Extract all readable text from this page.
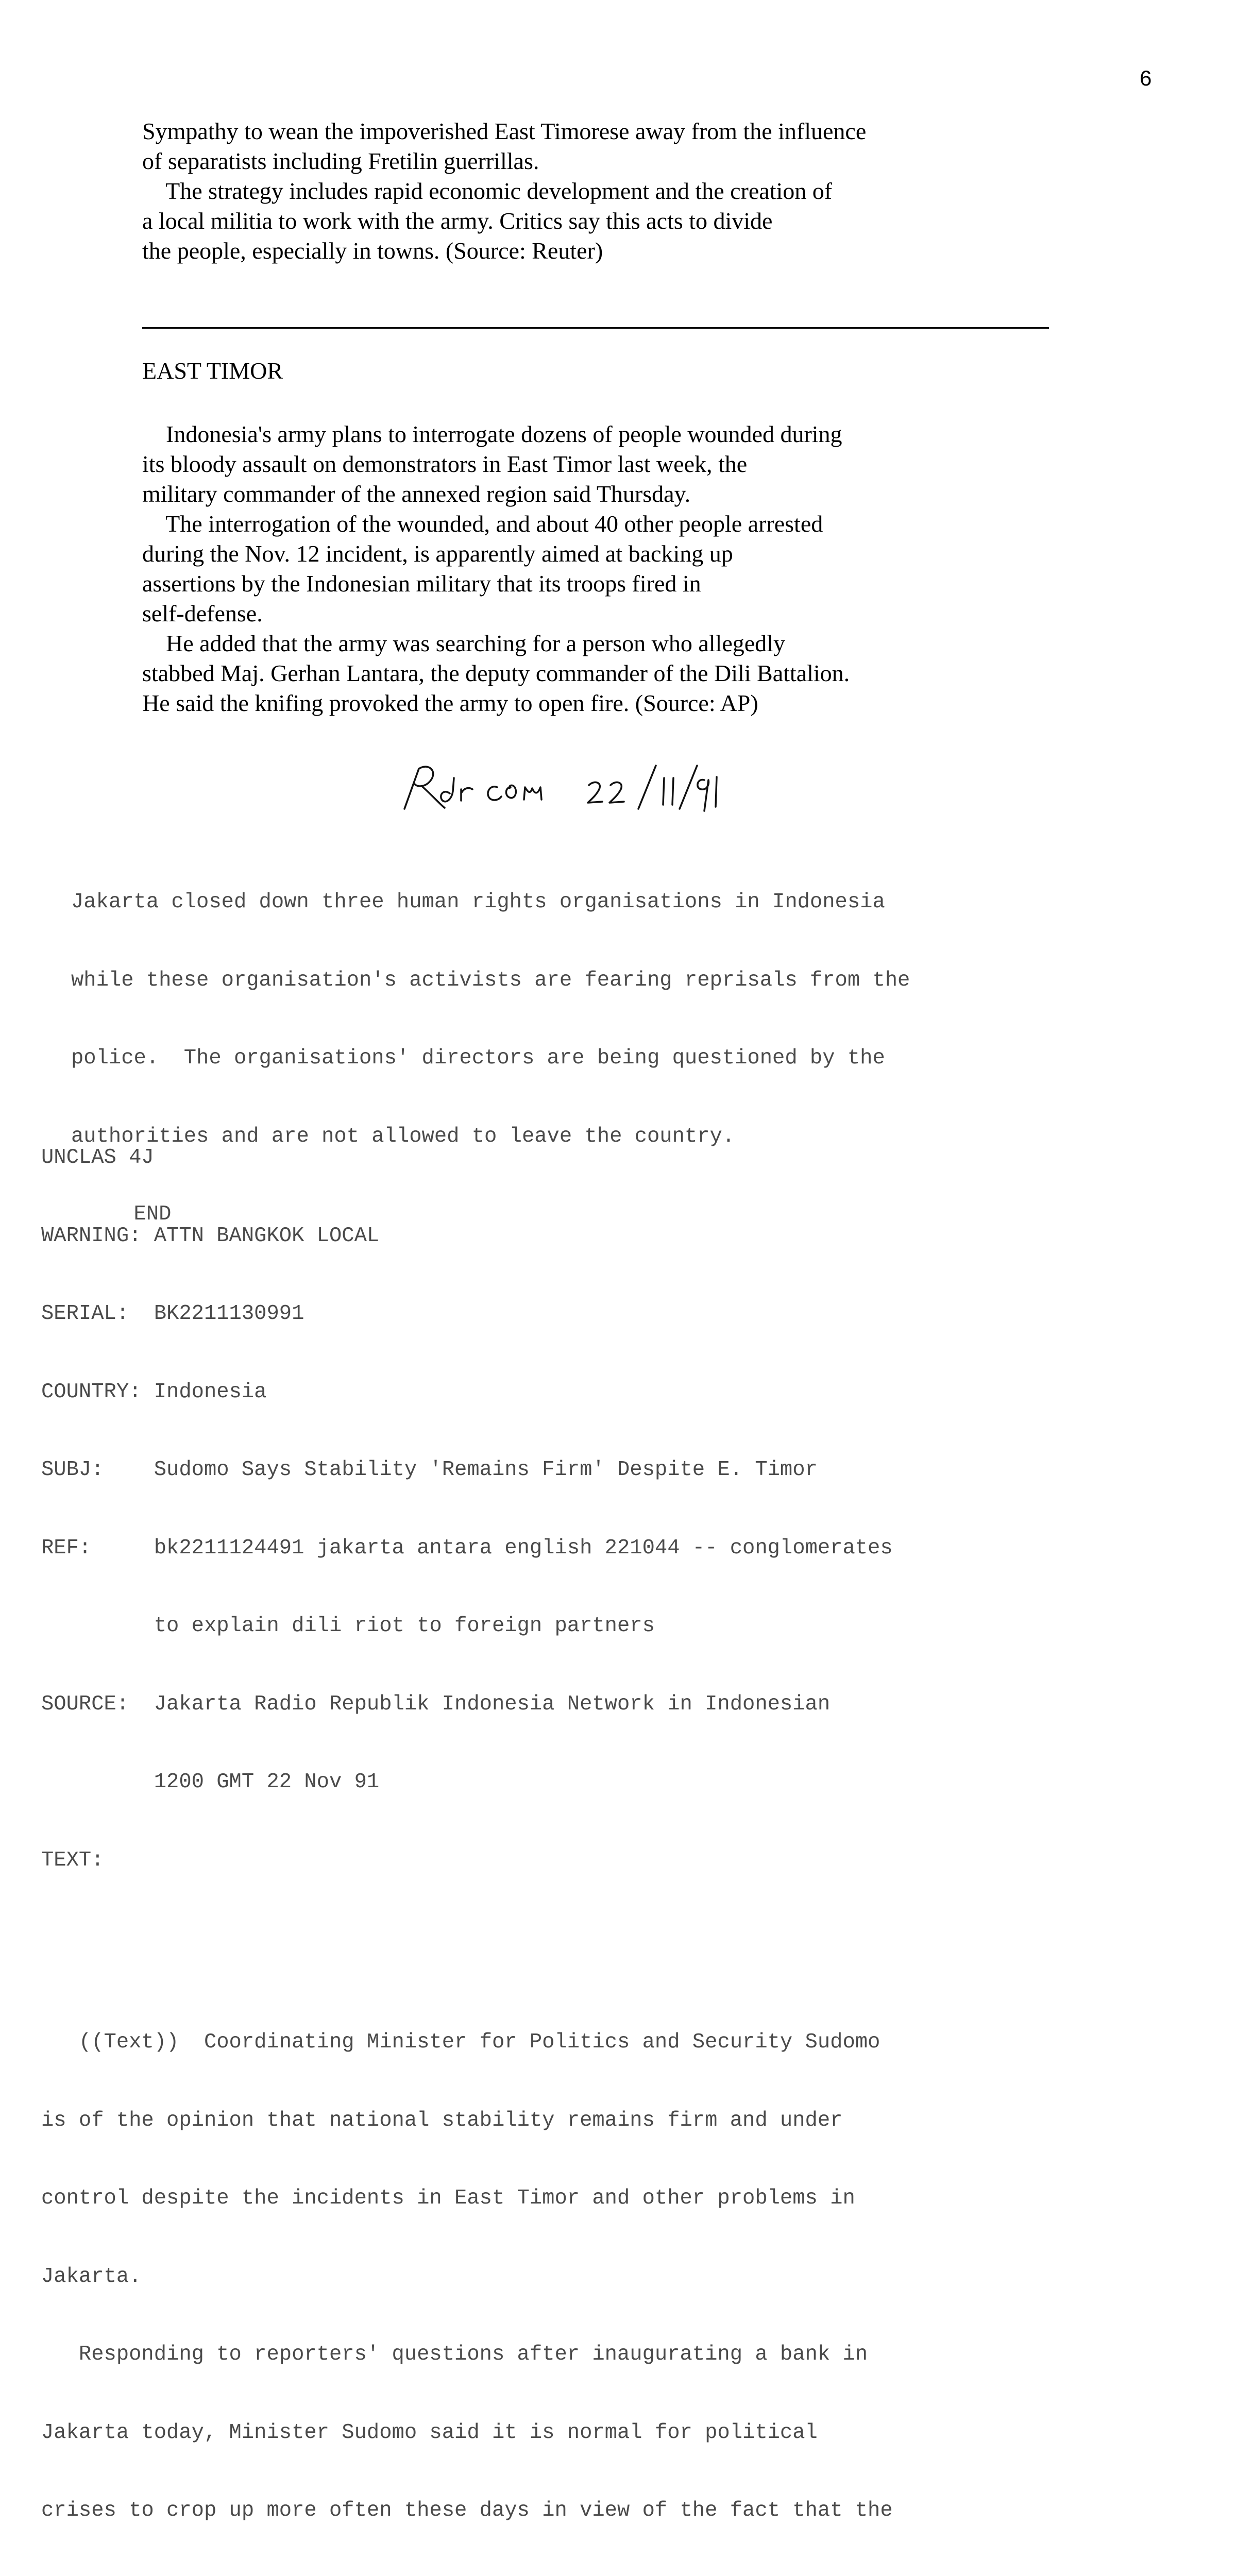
6
Sympathy to wean the impoverished East Timorese away from the influence
of separatists including Fretilin guerrillas.
The strategy includes rapid economic development and the creation of
a local militia to work with the army. Critics say this acts to divide
the people, especially in towns. (Source: Reuter)
EAST TIMOR
Indonesia's army plans to interrogate dozens of people wounded during
its bloody assault on demonstrators in East Timor last week, the
military commander of the annexed region said Thursday.
The interrogation of the wounded, and about 40 other people arrested
during the Nov. 12 incident, is apparently aimed at backing up
assertions by the Indonesian military that its troops fired in
self-defense.
He added that the army was searching for a person who allegedly
stabbed Maj. Gerhan Lantara, the deputy commander of the Dili Battalion.
He said the knifing provoked the army to open fire. (Source: AP)

Jakarta closed down three human rights organisations in Indonesia

while these organisation's activists are fearing reprisals from the

police.  The organisations' directors are being questioned by the

authorities and are not allowed to leave the country.

END

UNCLAS 4J

WARNING: ATTN BANGKOK LOCAL

SERIAL:  BK2211130991

COUNTRY: Indonesia

SUBJ:    Sudomo Says Stability 'Remains Firm' Despite E. Timor

REF:     bk2211124491 jakarta antara english 221044 -- conglomerates

to explain dili riot to foreign partners

SOURCE:  Jakarta Radio Republik Indonesia Network in Indonesian

1200 GMT 22 Nov 91

TEXT:

((Text))  Coordinating Minister for Politics and Security Sudomo

is of the opinion that national stability remains firm and under

control despite the incidents in East Timor and other problems in

Jakarta.

Responding to reporters' questions after inaugurating a bank in

Jakarta today, Minister Sudomo said it is normal for political

crises to crop up more often these days in view of the fact that the
